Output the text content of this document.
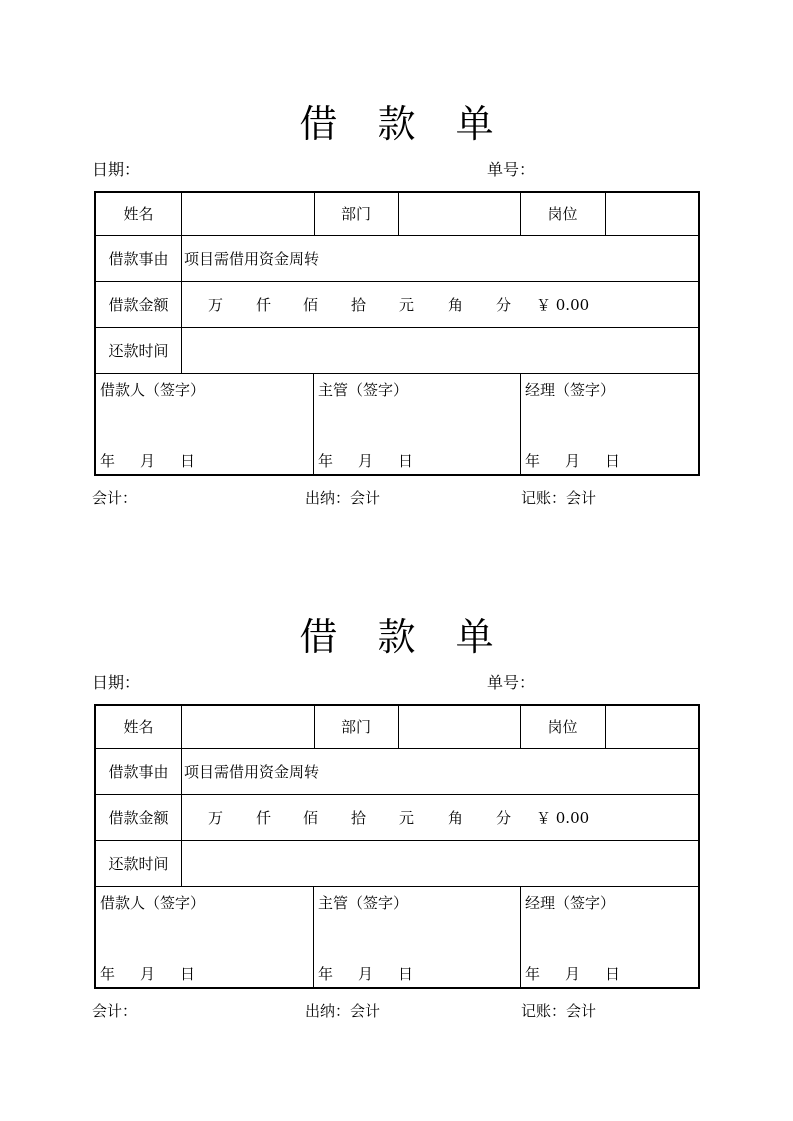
借 款 单
日期：	单号：
姓名	部门	岗位
借款事由	项目需借用资金周转
借款金额	万 仟 佰 拾 元 角 分 ￥ 0.00
还款时间
借款人（签字）	主管（签字）	经理（签字）
年 月 日	年 月 日	年 月 日
会计：	出纳：会计	记账：会计
借 款 单
日期：	单号：
姓名	部门	岗位
借款事由	项目需借用资金周转
借款金额	万 仟 佰 拾 元 角 分 ￥ 0.00
还款时间
借款人（签字）	主管（签字）	经理（签字）
年 月 日	年 月 日	年 月 日
会计：	出纳：会计	记账：会计
